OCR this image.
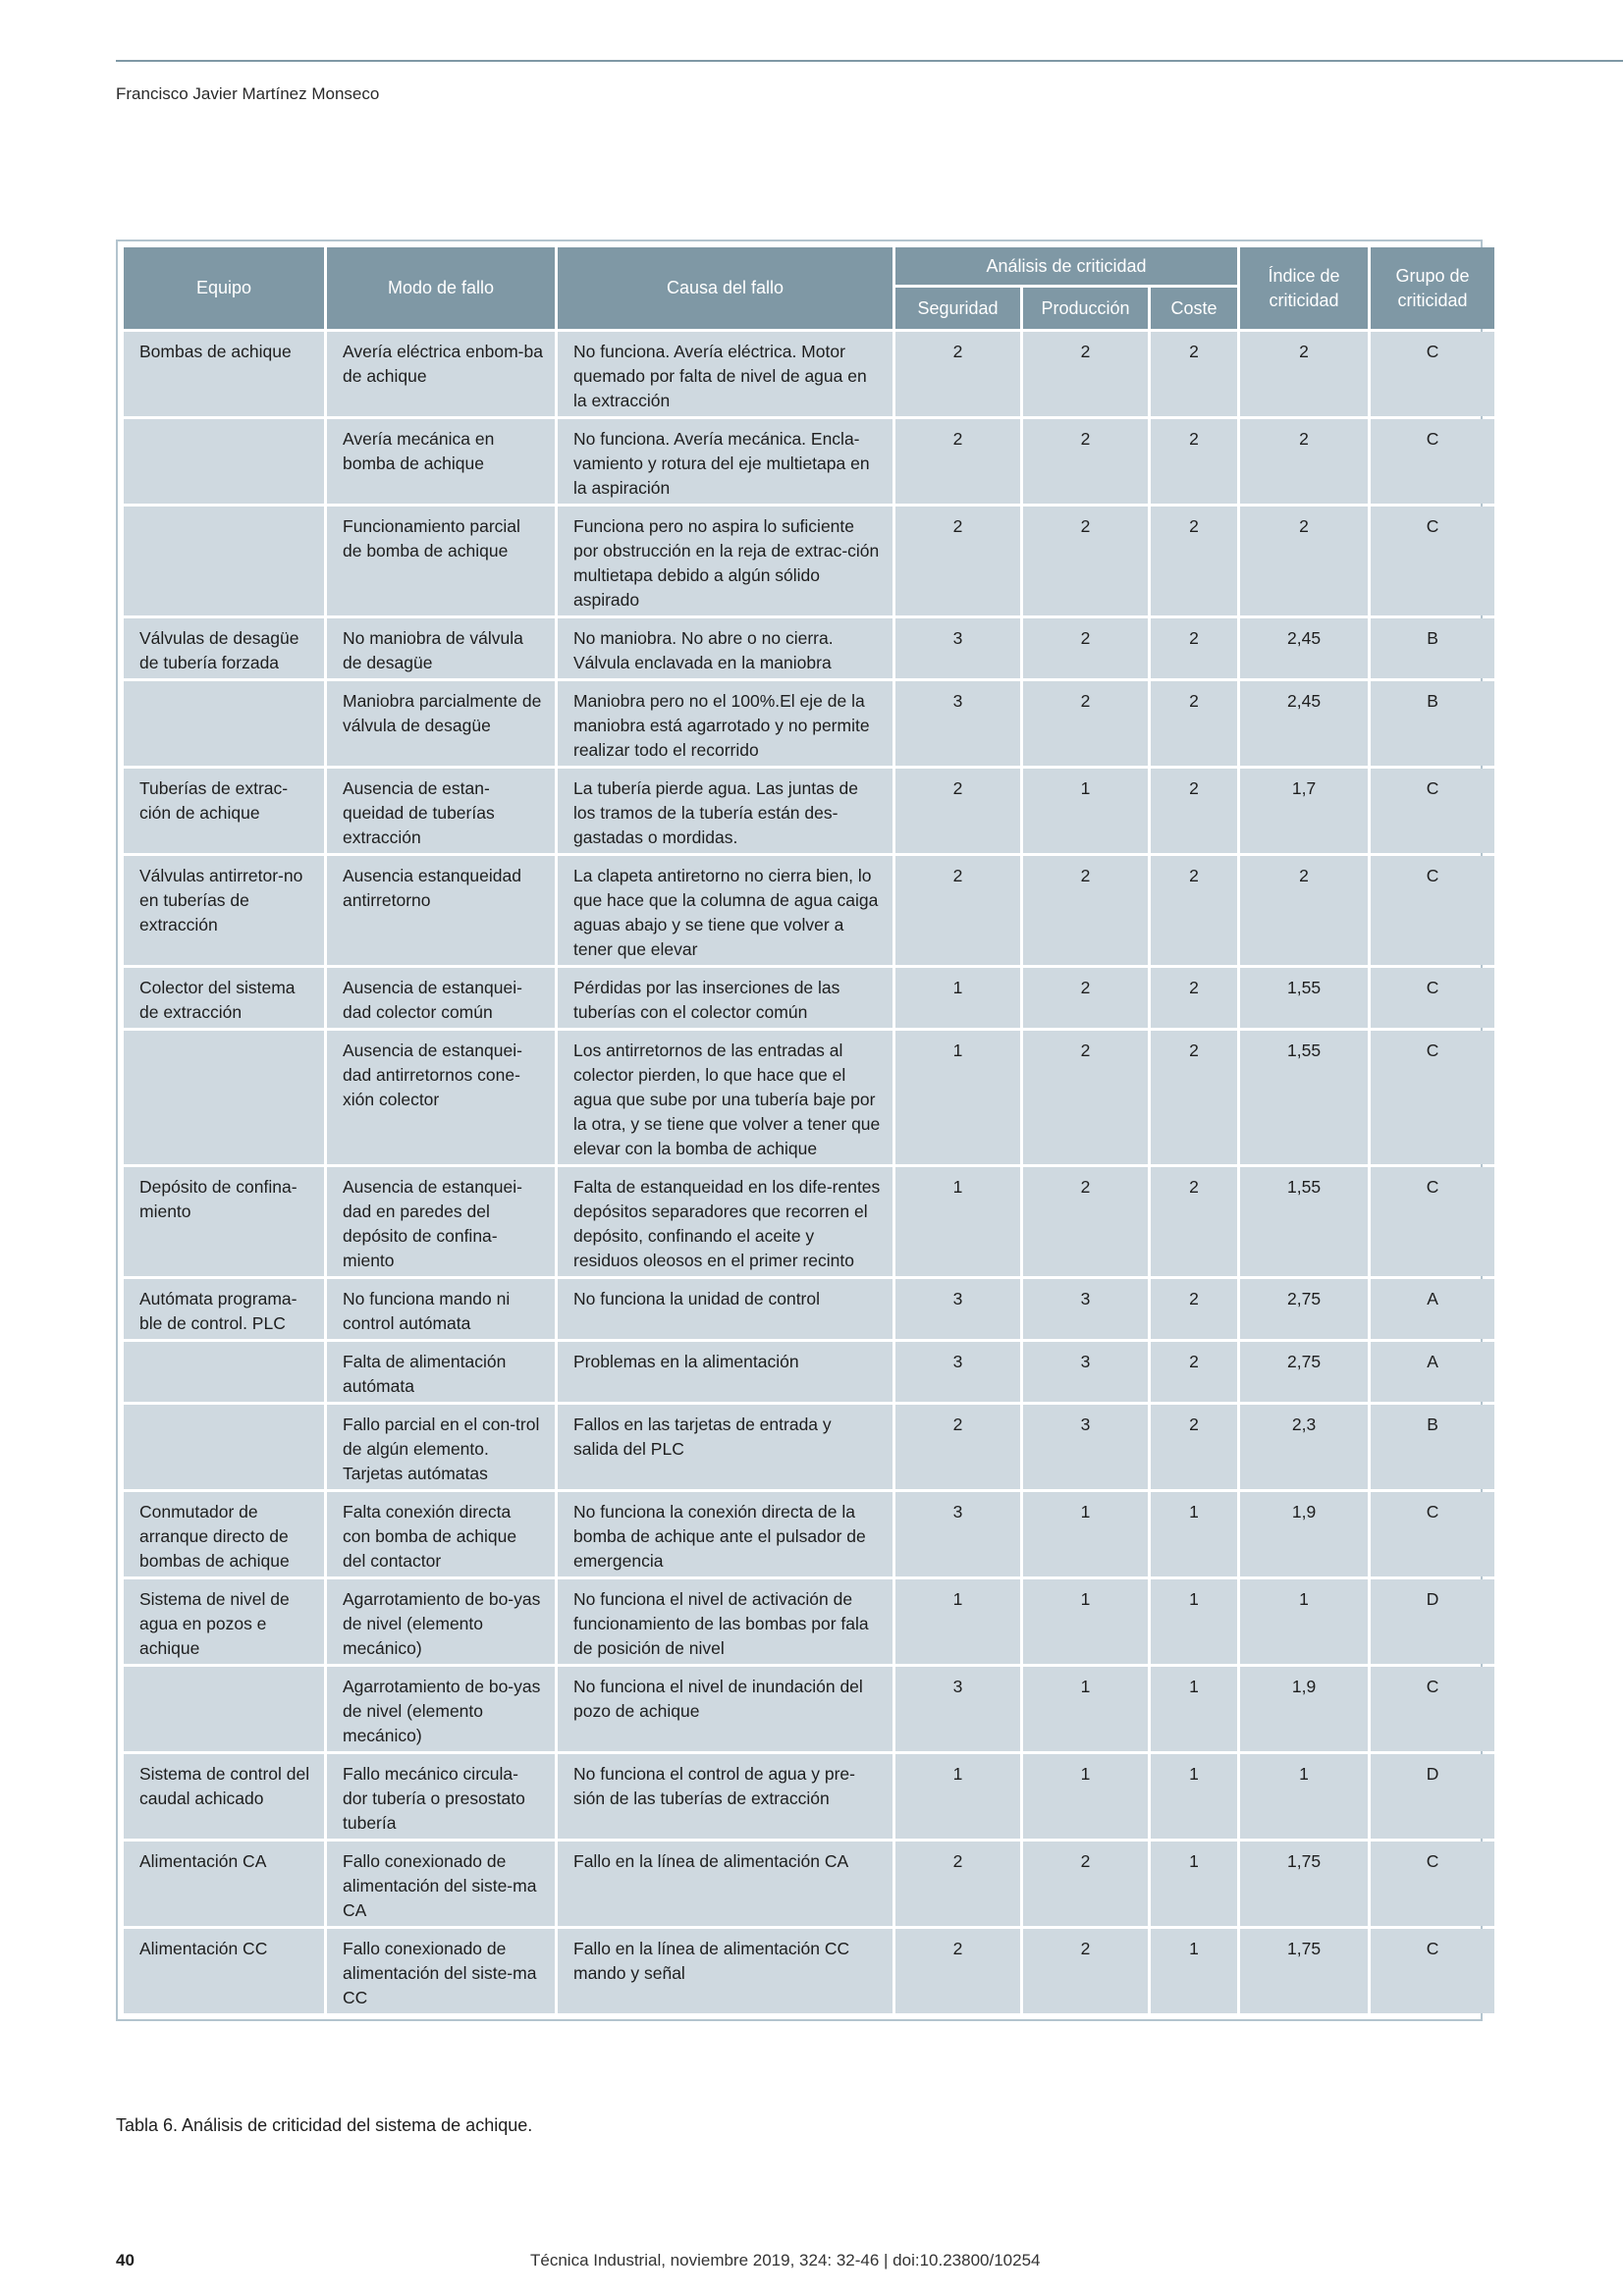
Francisco Javier Martínez Monseco
Equipo	Modo de fallo	Causa del fallo	Análisis de criticidad			Índice de criticidad	Grupo de criticidad
			Seguridad	Producción	Coste		
Bombas de achique	Avería eléctrica enbom-ba de achique	No funciona. Avería eléctrica. Motor quemado por falta de nivel de agua en la extracción	2	2	2	2	C
	Avería mecánica en bomba de achique	No funciona. Avería mecánica. Encla-vamiento y rotura del eje multietapa en la aspiración	2	2	2	2	C
	Funcionamiento parcial de bomba de achique	Funciona pero no aspira lo suficiente por obstrucción en la reja de extrac-ción multietapa debido a algún sólido aspirado	2	2	2	2	C
Válvulas de desagüe de tubería forzada	No maniobra de válvula de desagüe	No maniobra. No abre o no cierra. Válvula enclavada en la maniobra	3	2	2	2,45	B
	Maniobra parcialmente de válvula de desagüe	Maniobra pero no el 100%.El eje de la maniobra está agarrotado y no permite realizar todo el recorrido	3	2	2	2,45	B
Tuberías de extrac-ción de achique	Ausencia de estan-queidad de tuberías extracción	La tubería pierde agua. Las juntas de los tramos de la tubería están des-gastadas o mordidas.	2	1	2	1,7	C
Válvulas antirretor-no en tuberías de extracción	Ausencia estanqueidad antirretorno	La clapeta antiretorno no cierra bien, lo que hace que la columna de agua caiga aguas abajo y se tiene que volver a tener que elevar	2	2	2	2	C
Colector del sistema de extracción	Ausencia de estanquei-dad colector común	Pérdidas por las inserciones de las tuberías con el colector común	1	2	2	1,55	C
	Ausencia de estanquei-dad antirretornos cone-xión colector	Los antirretornos de las entradas al colector pierden, lo que hace que el agua que sube por una tubería baje por la otra, y se tiene que volver a tener que elevar con la bomba de achique	1	2	2	1,55	C
Depósito de confina-miento	Ausencia de estanquei-dad en paredes del depósito de confina-miento	Falta de estanqueidad en los dife-rentes depósitos separadores que recorren el depósito, confinando el aceite y residuos oleosos en el primer recinto	1	2	2	1,55	C
Autómata programa-ble de control. PLC	No funciona mando ni control autómata	No funciona la unidad de control	3	3	2	2,75	A
	Falta de alimentación autómata	Problemas en la alimentación	3	3	2	2,75	A
	Fallo parcial en el con-trol de algún elemento. Tarjetas autómatas	Fallos en las tarjetas de entrada y salida del PLC	2	3	2	2,3	B
Conmutador de arranque directo de bombas de achique	Falta conexión directa con bomba de achique del contactor	No funciona la conexión directa de la bomba de achique ante el pulsador de emergencia	3	1	1	1,9	C
Sistema de nivel de agua en pozos e achique	Agarrotamiento de bo-yas de nivel (elemento mecánico)	No funciona el nivel de activación de funcionamiento de las bombas por fala de posición de nivel	1	1	1	1	D
	Agarrotamiento de bo-yas de nivel (elemento mecánico)	No funciona el nivel de inundación del pozo de achique	3	1	1	1,9	C
Sistema de control del caudal achicado	Fallo mecánico circula-dor tubería o presostato tubería	No funciona el control de agua y pre-sión de las tuberías de extracción	1	1	1	1	D
Alimentación CA	Fallo conexionado de alimentación del siste-ma CA	Fallo en la línea de alimentación CA	2	2	1	1,75	C
Alimentación CC	Fallo conexionado de alimentación del siste-ma CC	Fallo en la línea de alimentación CC mando y señal	2	2	1	1,75	C
Tabla 6. Análisis de criticidad del sistema de achique.
40	Técnica Industrial, noviembre 2019, 324: 32-46 | doi:10.23800/10254
